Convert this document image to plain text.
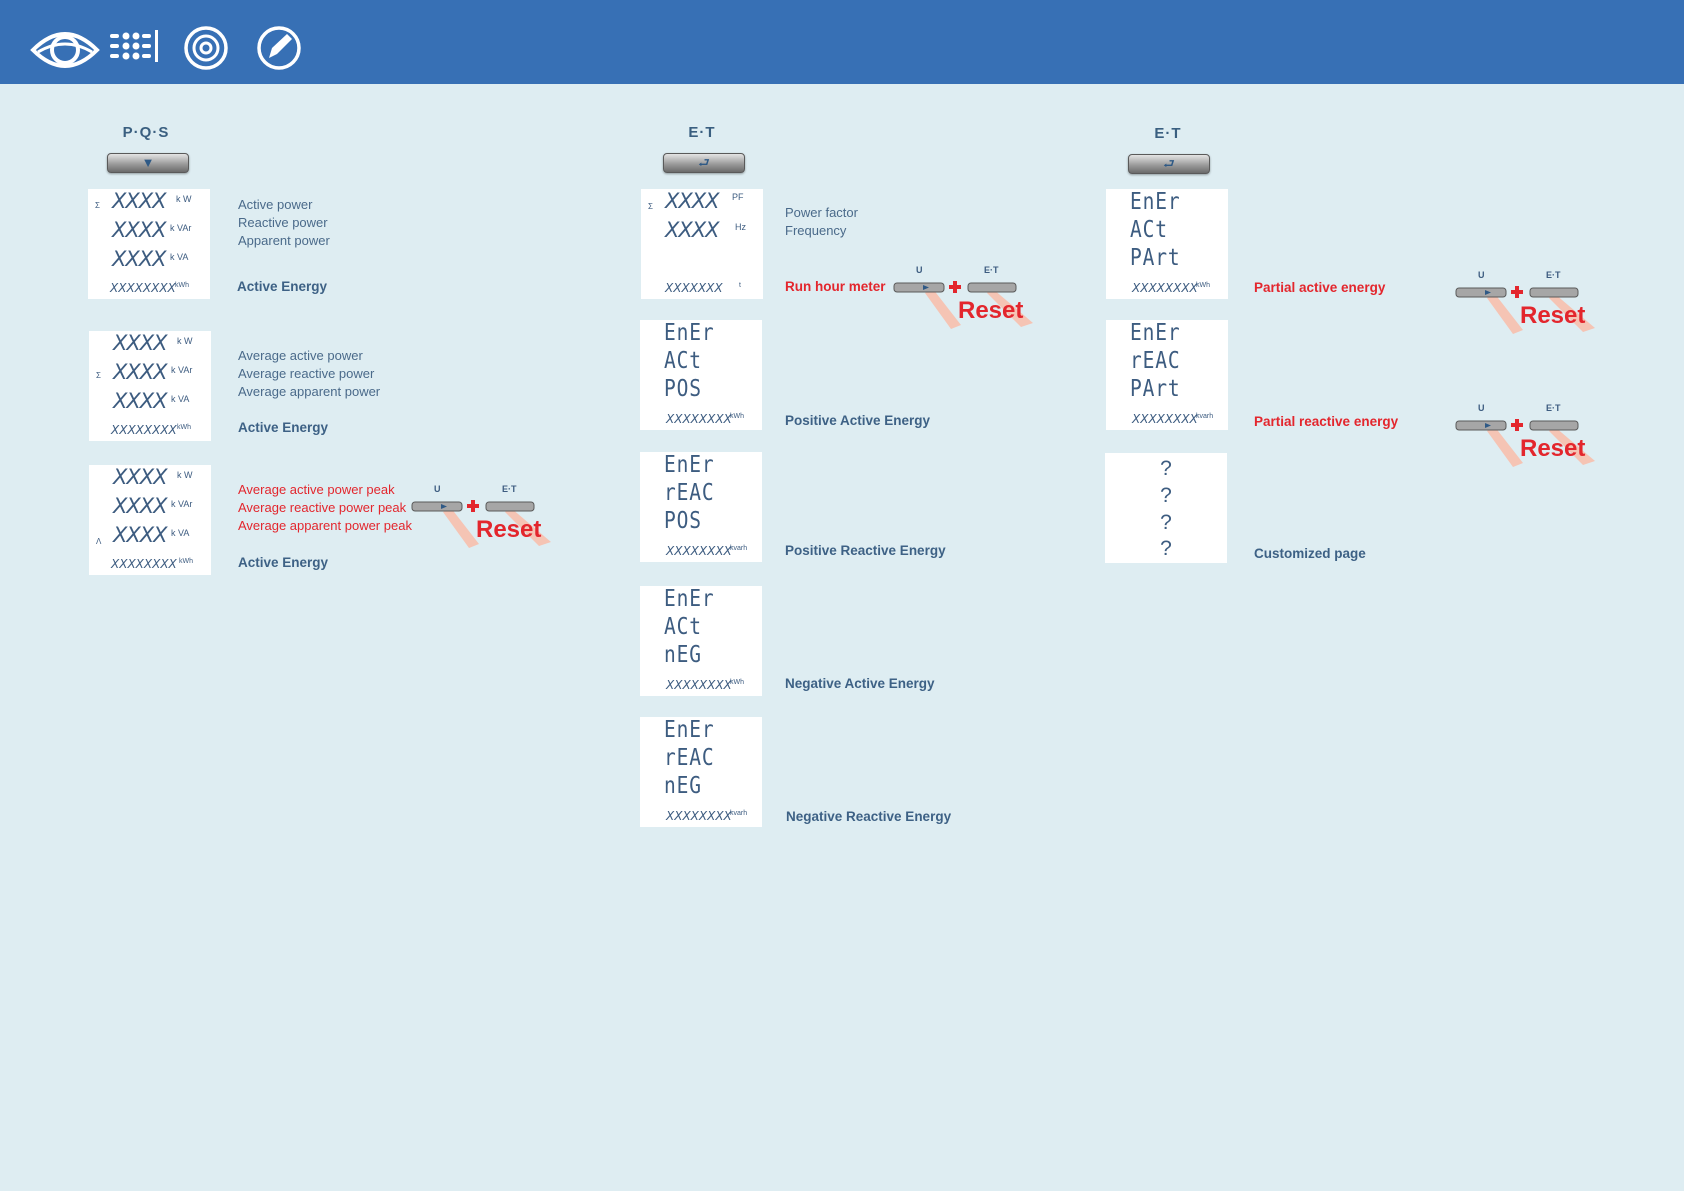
P·Q·S
▼
Σ XXXX
XXXX
XXXX
k W
k VAr
k VA
XXXXXXXX kWh
Active power
Reactive power
Apparent power
Active Energy
Σ
XXXX
XXXX
XXXX
k W
k VAr
k VA
XXXXXXXX kWh
Average active power
Average reactive power
Average apparent power
Active Energy
Λ
XXXX
XXXX
XXXX
k W
k VAr
k VA
XXXXXXXX kWh
Average active power peak
Average reactive power peak
Average apparent power peak
Active Energy
U	E·T
Reset
E·T
⮐
Σ XXXX
XXXX
PF
Hz
XXXXXXX t
Power factor
Frequency
Run hour meter
U	E·T
Reset
EnEr
ACt
POS
XXXXXXXX
kWh	Positive Active Energy
EnEr
rEAC
POS
XXXXXXXX
kvarh	Positive Reactive Energy
EnEr
ACt
nEG
XXXXXXXX
kWh	Negative Active Energy
EnEr
rEAC
nEG
XXXXXXXX
kvarh	Negative Reactive Energy
E·T
⮐
EnEr
ACt
PArt
XXXXXXXX
kWh	Partial active energy
U	E·T
Reset
EnEr
rEAC
PArt
XXXXXXXX
kvarh	Partial reactive energy
U	E·T
Reset
?
?
?
?	Customized page
